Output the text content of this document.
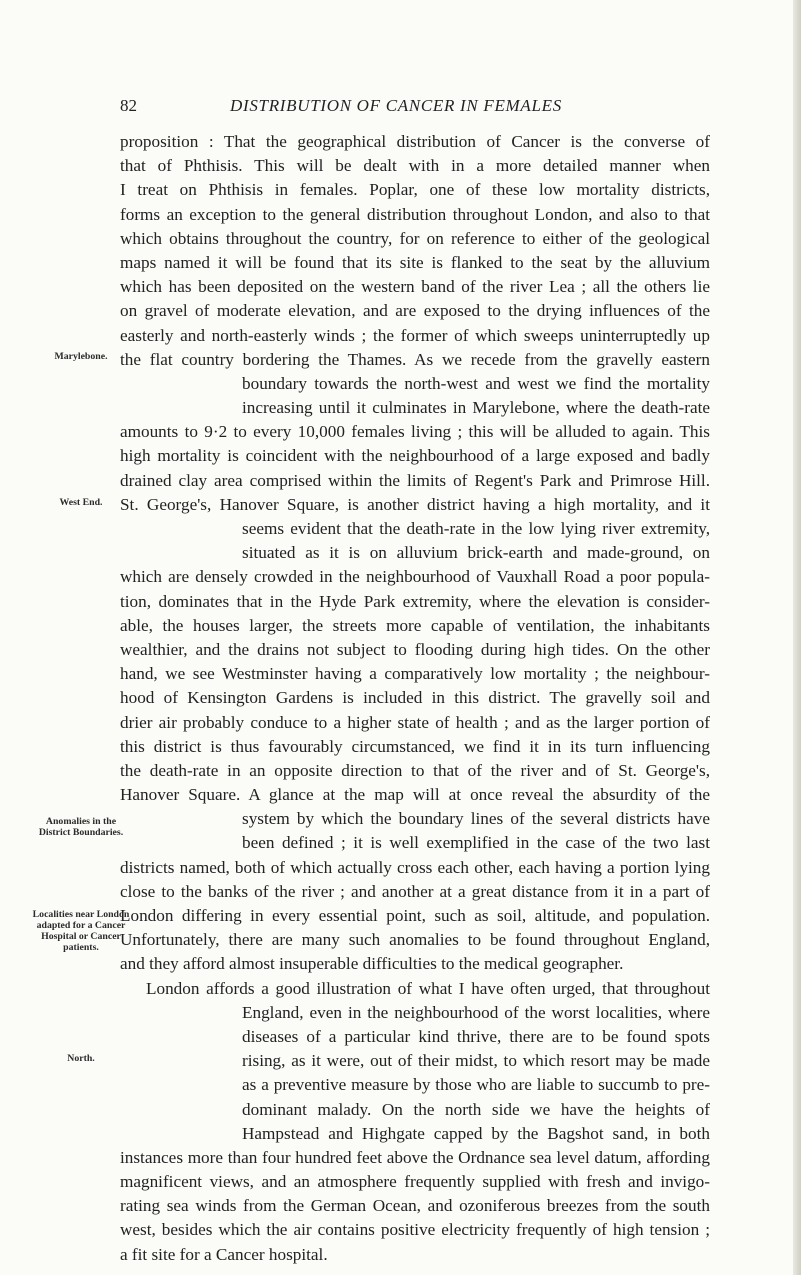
82	DISTRIBUTION OF CANCER IN FEMALES
Marylebone.
West End.
Anomalies in the District Boundaries.
Localities near London adapted for a Cancer Hospital or Cancer patients.
North.
proposition : That the geographical distribution of Cancer is the converse of
that of Phthisis. This will be dealt with in a more detailed manner when
I treat on Phthisis in females. Poplar, one of these low mortality districts,
forms an exception to the general distribution throughout London, and also to that
which obtains throughout the country, for on reference to either of the geological
maps named it will be found that its site is flanked to the seat by the alluvium
which has been deposited on the western band of the river Lea ; all the others lie
on gravel of moderate elevation, and are exposed to the drying influences of the
easterly and north-easterly winds ; the former of which sweeps uninterruptedly up
the flat country bordering the Thames. As we recede from the gravelly eastern
boundary towards the north-west and west we find the mortality
increasing until it culminates in Marylebone, where the death-rate
amounts to 9·2 to every 10,000 females living ; this will be alluded to again. This
high mortality is coincident with the neighbourhood of a large exposed and badly
drained clay area comprised within the limits of Regent's Park and Primrose Hill.
St. George's, Hanover Square, is another district having a high mortality, and it
seems evident that the death-rate in the low lying river extremity,
situated as it is on alluvium brick-earth and made-ground, on
which are densely crowded in the neighbourhood of Vauxhall Road a poor popula-
tion, dominates that in the Hyde Park extremity, where the elevation is consider-
able, the houses larger, the streets more capable of ventilation, the inhabitants
wealthier, and the drains not subject to flooding during high tides. On the other
hand, we see Westminster having a comparatively low mortality ; the neighbour-
hood of Kensington Gardens is included in this district. The gravelly soil and
drier air probably conduce to a higher state of health ; and as the larger portion of
this district is thus favourably circumstanced, we find it in its turn influencing
the death-rate in an opposite direction to that of the river and of St. George's,
Hanover Square. A glance at the map will at once reveal the absurdity of the
system by which the boundary lines of the several districts have
been defined ; it is well exemplified in the case of the two last
districts named, both of which actually cross each other, each having a portion lying
close to the banks of the river ; and another at a great distance from it in a part of
London differing in every essential point, such as soil, altitude, and population.
Unfortunately, there are many such anomalies to be found throughout England,
and they afford almost insuperable difficulties to the medical geographer.
London affords a good illustration of what I have often urged, that throughout
England, even in the neighbourhood of the worst localities, where
diseases of a particular kind thrive, there are to be found spots
rising, as it were, out of their midst, to which resort may be made
as a preventive measure by those who are liable to succumb to pre-
dominant malady. On the north side we have the heights of
Hampstead and Highgate capped by the Bagshot sand, in both
instances more than four hundred feet above the Ordnance sea level datum, affording
magnificent views, and an atmosphere frequently supplied with fresh and invigo-
rating sea winds from the German Ocean, and ozoniferous breezes from the south
west, besides which the air contains positive electricity frequently of high tension ;
a fit site for a Cancer hospital.
